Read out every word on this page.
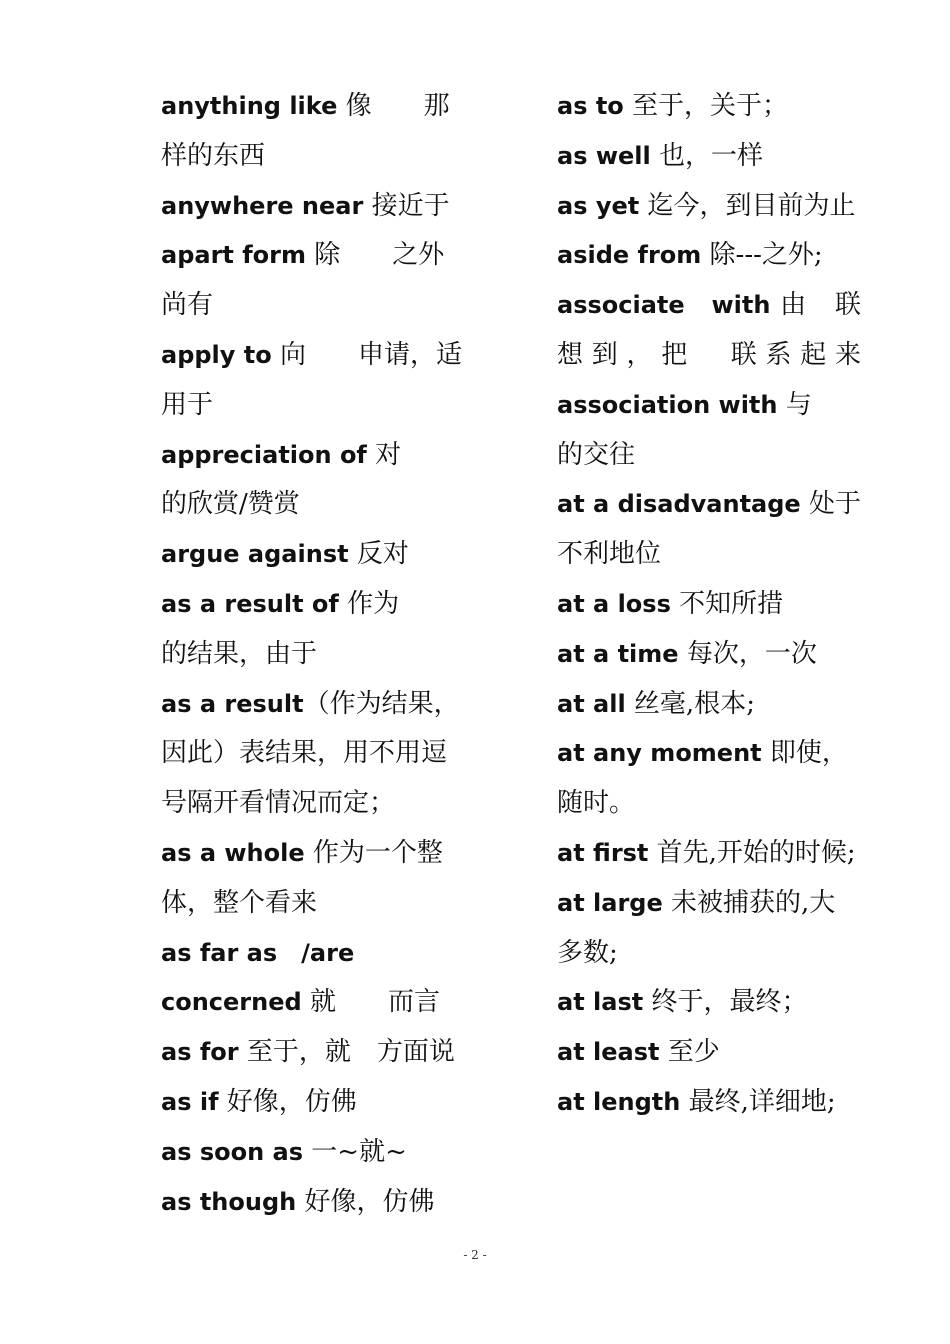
anything like 像　　那样的东西

anywhere near 接近于

apart form 除　　之外尚有

apply to 向　　申请，适用于

appreciation of 对　　的欣赏/赞赏

argue against 反对

as a result of 作为　　的结果，由于

as a result（作为结果，因此）表结果，用不用逗号隔开看情况而定；

as a whole 作为一个整体，整个看来

as far as　/are concerned 就　　而言

as for 至于，就　方面说

as if 好像，仿佛

as soon as 一~就~

as though 好像，仿佛

as to 至于，关于；

as well 也，一样

as yet 迄今，到目前为止

aside from 除---之外;

associate　with 由　联想到，把　联系起来

association with 与　的交往

at a disadvantage 处于不利地位

at a loss 不知所措

at a time 每次，一次

at all 丝毫,根本;

at any moment 即使，随时。

at first 首先,开始的时候;

at large 未被捕获的,大多数;

at last 终于，最终；

at least 至少

at length 最终,详细地;

- 2 -
